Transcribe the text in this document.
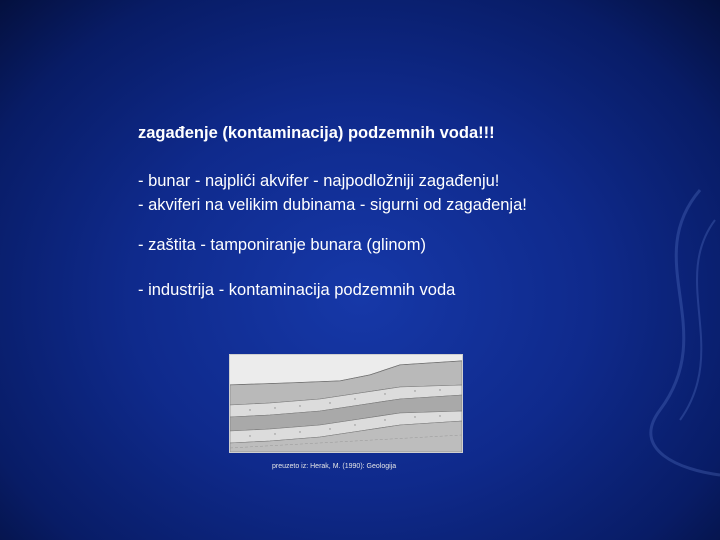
zagađenje (kontaminacija) podzemnih voda!!!
- bunar - najplići akvifer - najpodložniji zagađenju!
- akviferi na velikim dubinama - sigurni od zagađenja!
- zaštita - tamponiranje bunara (glinom)
- industrija - kontaminacija podzemnih voda
preuzeto iz: Herak, M. (1990): Geologija
